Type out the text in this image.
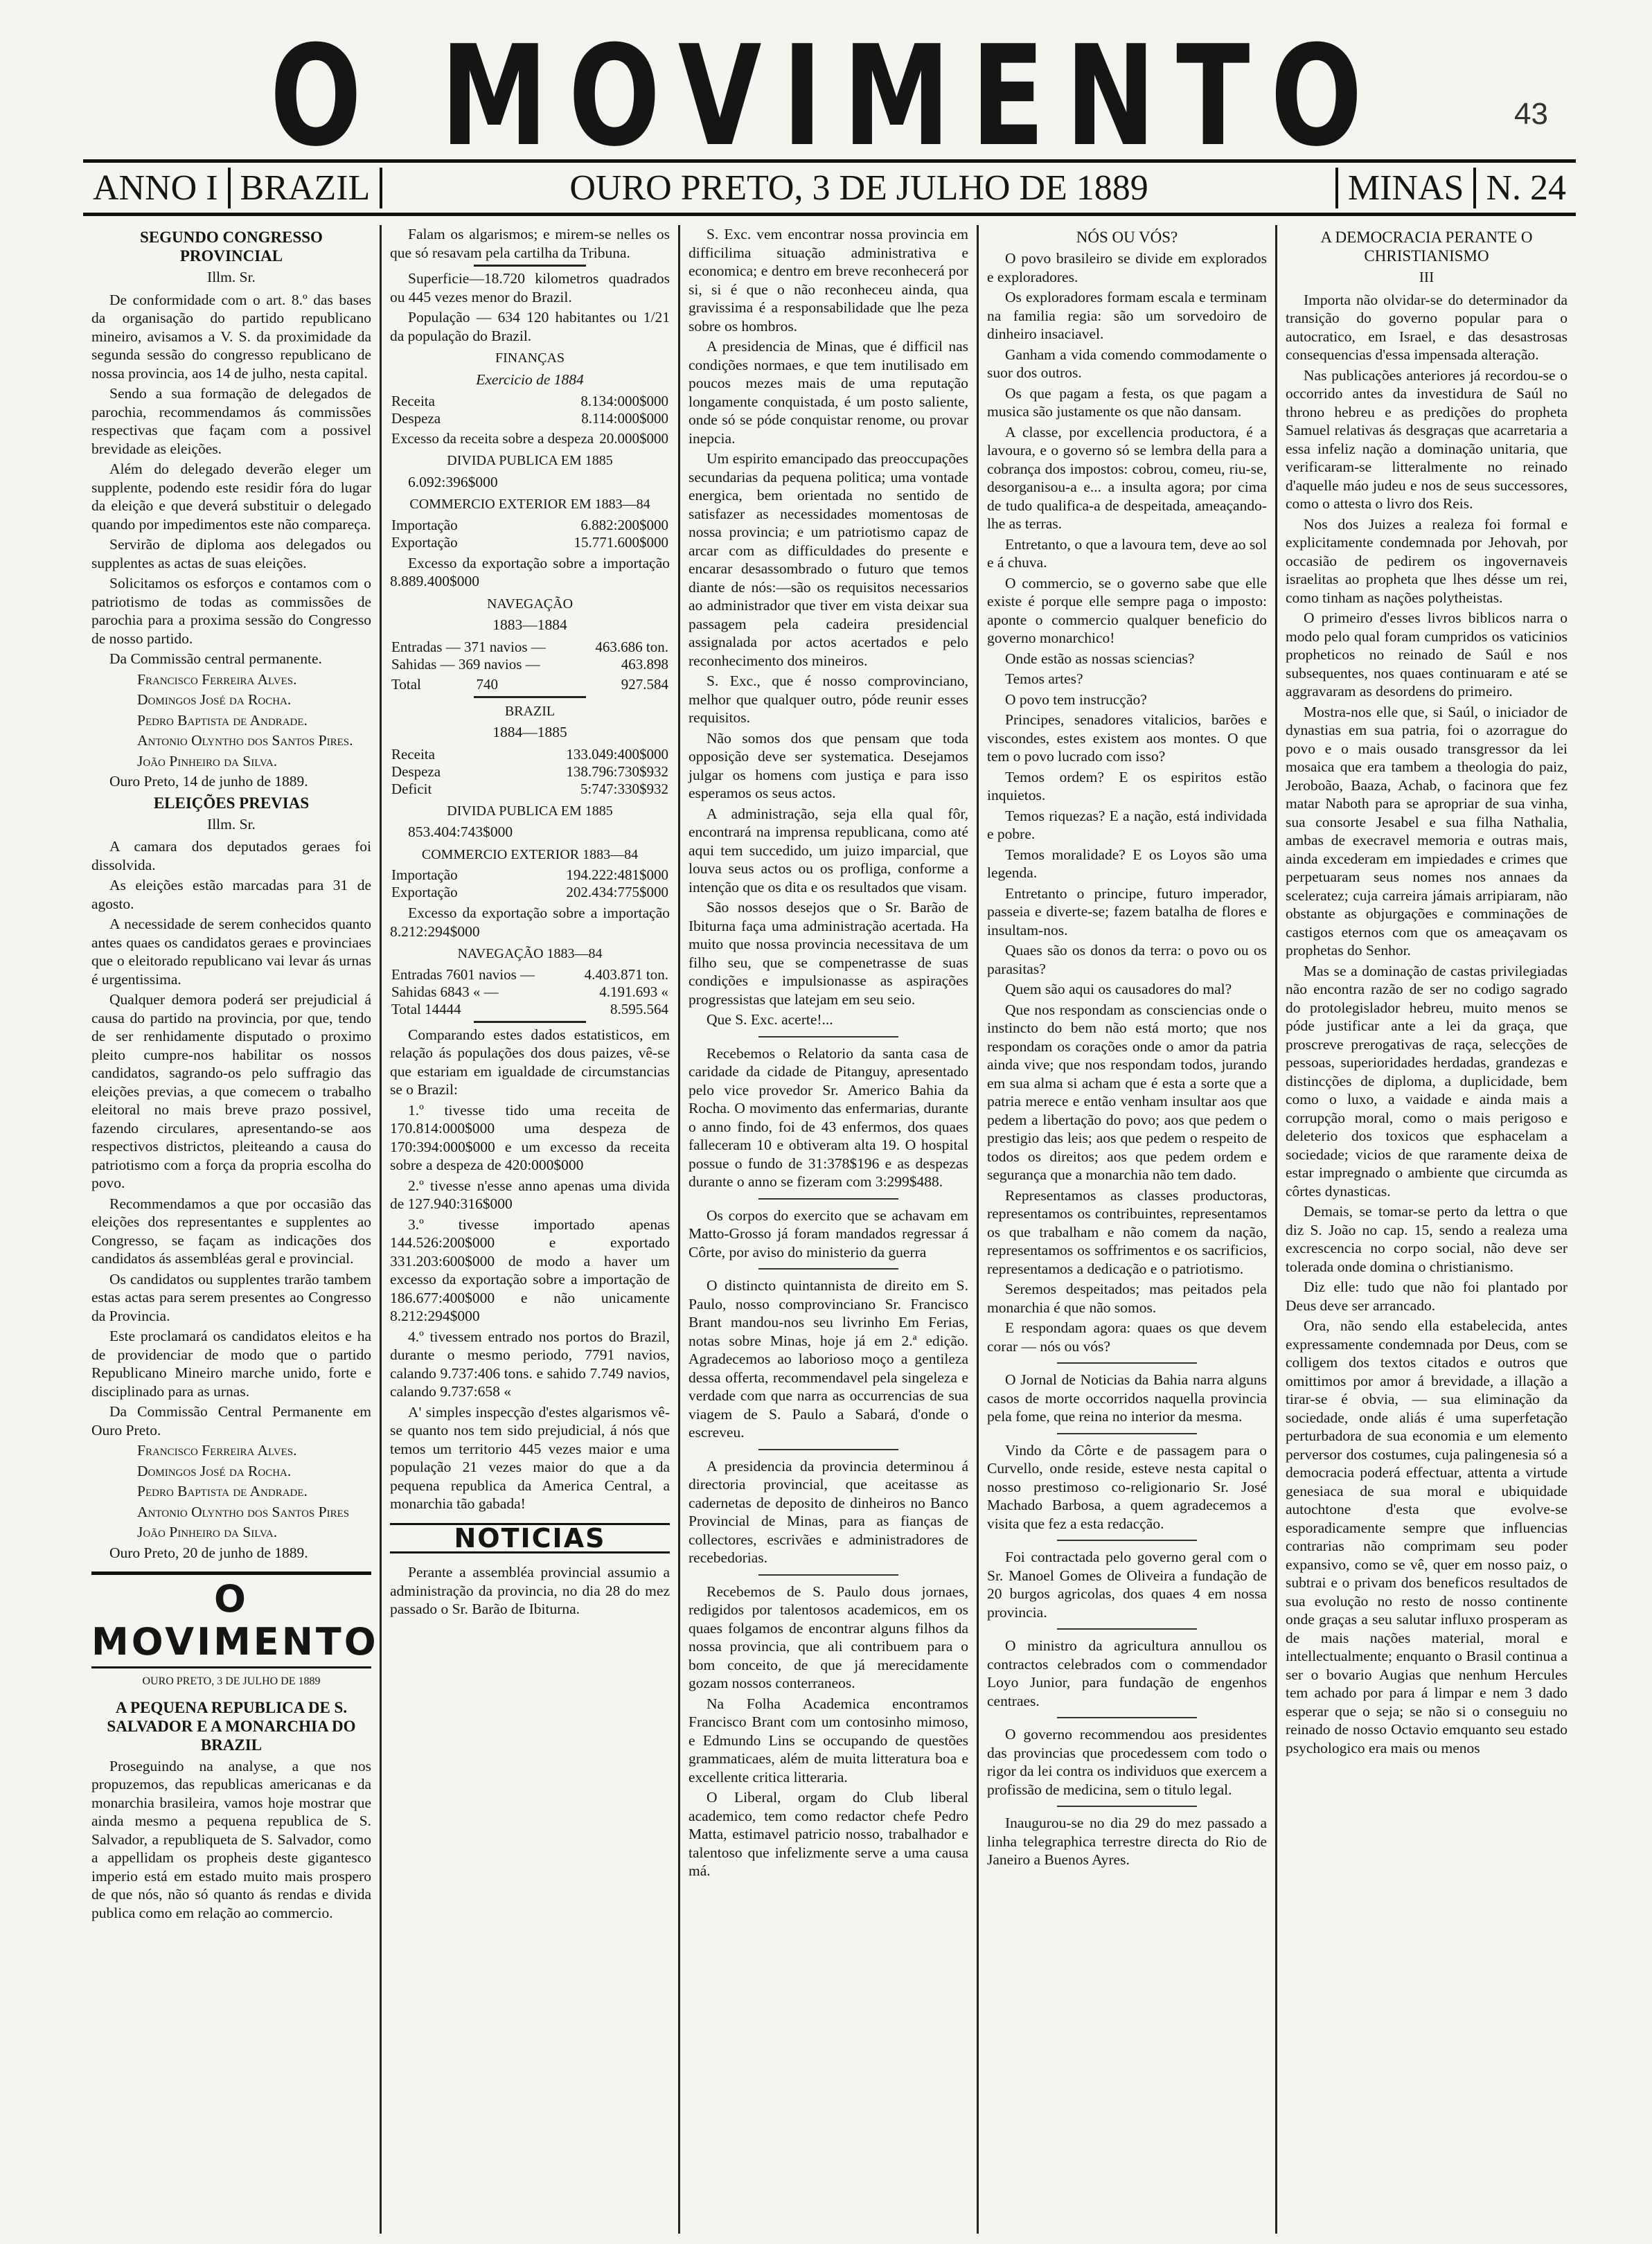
O MOVIMENTO	43
ANNO I BRAZIL	OURO PRETO, 3 DE JULHO DE 1889	MINAS N. 24
SEGUNDO CONGRESSO PROVINCIAL
Illm. Sr.

De conformidade com o art. 8.º das bases da organisação do partido republicano mineiro, avisamos a V. S. da proximidade da segunda sessão do congresso republicano de nossa provincia, aos 14 de julho, nesta capital.

Sendo a sua formação de delegados de parochia, recommendamos ás commissões respectivas que façam com a possivel brevidade as eleições.

Além do delegado deverão eleger um supplente, podendo este residir fóra do lugar da eleição e que deverá substituir o delegado quando por impedimentos este não compareça.

Servirão de diploma aos delegados ou supplentes as actas de suas eleições.

Solicitamos os esforços e contamos com o patriotismo de todas as commissões de parochia para a proxima sessão do Congresso de nosso partido.

Da Commissão central permanente.

Francisco Ferreira Alves.

Domingos José da Rocha.

Pedro Baptista de Andrade.

Antonio Olyntho dos Santos Pires.

João Pinheiro da Silva.

Ouro Preto, 14 de junho de 1889.

ELEIÇÕES PREVIAS
Illm. Sr.

A camara dos deputados geraes foi dissolvida.

As eleições estão marcadas para 31 de agosto.

A necessidade de serem conhecidos quanto antes quaes os candidatos geraes e provinciaes que o eleitorado republicano vai levar ás urnas é urgentissima.

Qualquer demora poderá ser prejudicial á causa do partido na provincia, por que, tendo de ser renhidamente disputado o proximo pleito cumpre-nos habilitar os nossos candidatos, sagrando-os pelo suffragio das eleições previas, a que comecem o trabalho eleitoral no mais breve prazo possivel, fazendo circulares, apresentando-se aos respectivos districtos, pleiteando a causa do patriotismo com a força da propria escolha do povo.

Recommendamos a que por occasião das eleições dos representantes e supplentes ao Congresso, se façam as indicações dos candidatos ás assembléas geral e provincial.

Os candidatos ou supplentes trarão tambem estas actas para serem presentes ao Congresso da Provincia.

Este proclamará os candidatos eleitos e ha de providenciar de modo que o partido Republicano Mineiro marche unido, forte e disciplinado para as urnas.

Da Commissão Central Permanente em Ouro Preto.

Francisco Ferreira Alves.

Domingos José da Rocha.

Pedro Baptista de Andrade.

Antonio Olyntho dos Santos Pires

João Pinheiro da Silva.

Ouro Preto, 20 de junho de 1889.

O MOVIMENTO
OURO PRETO, 3 DE JULHO DE 1889
A PEQUENA REPUBLICA DE S. SALVADOR E A MONARCHIA DO BRAZIL

Proseguindo na analyse, a que nos propuzemos, das republicas americanas e da monarchia brasileira, vamos hoje mostrar que ainda mesmo a pequena republica de S. Salvador, a republiqueta de S. Salvador, como a appellidam os propheis deste gigantesco imperio está em estado muito mais prospero de que nós, não só quanto ás rendas e divida publica como em relação ao commercio.

Falam os algarismos; e mirem-se nelles os que só resavam pela cartilha da Tribuna.

Superficie—18.720 kilometros quadrados ou 445 vezes menor do Brazil.

População — 634 120 habitantes ou 1/21 da população do Brazil.

FINANÇAS
Exercicio de 1884
Receita	8.134:000$000
Despeza	8.114:000$000
Excesso da receita sobre a despeza	20.000$000
DIVIDA PUBLICA EM 1885

6.092:396$000

COMMERCIO EXTERIOR EM 1883—84
Importação	6.882:200$000
Exportação	15.771.600$000

Excesso da exportação sobre a importação 8.889.400$000

NAVEGAÇÃO
1883—1884
Entradas — 371 navios —	463.686 ton.
Sahidas — 369 navios —	463.898
Total	740	927.584
BRAZIL
1884—1885
Receita	133.049:400$000
Despeza	138.796:730$932
Deficit	5:747:330$932
DIVIDA PUBLICA EM 1885

853.404:743$000

COMMERCIO EXTERIOR 1883—84
Importação	194.222:481$000
Exportação	202.434:775$000

Excesso da exportação sobre a importação 8.212:294$000

NAVEGAÇÃO 1883—84
Entradas 7601 navios —	4.403.871 ton.
Sahidas 6843 « —	4.191.693 «
Total 14444	8.595.564

Comparando estes dados estatisticos, em relação ás populações dos dous paizes, vê-se que estariam em igualdade de circumstancias se o Brazil:

1.º tivesse tido uma receita de 170.814:000$000 uma despeza de 170:394:000$000 e um excesso da receita sobre a despeza de 420:000$000

2.º tivesse n'esse anno apenas uma divida de 127.940:316$000

3.º tivesse importado apenas 144.526:200$000 e exportado 331.203:600$000 de modo a haver um excesso da exportação sobre a importação de 186.677:400$000 e não unicamente 8.212:294$000

4.º tivessem entrado nos portos do Brazil, durante o mesmo periodo, 7791 navios, calando 9.737:406 tons. e sahido 7.749 navios, calando 9.737:658 «

A' simples inspecção d'estes algarismos vê-se quanto nos tem sido prejudicial, á nós que temos um territorio 445 vezes maior e uma população 21 vezes maior do que a da pequena republica da America Central, a monarchia tão gabada!

NOTICIAS

Perante a assembléa provincial assumio a administração da provincia, no dia 28 do mez passado o Sr. Barão de Ibiturna.

S. Exc. vem encontrar nossa provincia em difficilima situação administrativa e economica; e dentro em breve reconhecerá por si, si é que o não reconheceu ainda, qua gravissima é a responsabilidade que lhe peza sobre os hombros.

A presidencia de Minas, que é difficil nas condições normaes, e que tem inutilisado em poucos mezes mais de uma reputação longamente conquistada, é um posto saliente, onde só se póde conquistar renome, ou provar inepcia.

Um espirito emancipado das preoccupações secundarias da pequena politica; uma vontade energica, bem orientada no sentido de satisfazer as necessidades momentosas de nossa provincia; e um patriotismo capaz de arcar com as difficuldades do presente e encarar desassombrado o futuro que temos diante de nós:—são os requisitos necessarios ao administrador que tiver em vista deixar sua passagem pela cadeira presidencial assignalada por actos acertados e pelo reconhecimento dos mineiros.

S. Exc., que é nosso comprovinciano, melhor que qualquer outro, póde reunir esses requisitos.

Não somos dos que pensam que toda opposição deve ser systematica. Desejamos julgar os homens com justiça e para isso esperamos os seus actos.

A administração, seja ella qual fôr, encontrará na imprensa republicana, como até aqui tem succedido, um juizo imparcial, que louva seus actos ou os profliga, conforme a intenção que os dita e os resultados que visam.

São nossos desejos que o Sr. Barão de Ibiturna faça uma administração acertada. Ha muito que nossa provincia necessitava de um filho seu, que se compenetrasse de suas condições e impulsionasse as aspirações progressistas que latejam em seu seio.

Que S. Exc. acerte!...

Recebemos o Relatorio da santa casa de caridade da cidade de Pitanguy, apresentado pelo vice provedor Sr. Americo Bahia da Rocha. O movimento das enfermarias, durante o anno findo, foi de 43 enfermos, dos quaes falleceram 10 e obtiveram alta 19. O hospital possue o fundo de 31:378$196 e as despezas durante o anno se fizeram com 3:299$488.

Os corpos do exercito que se achavam em Matto-Grosso já foram mandados regressar á Côrte, por aviso do ministerio da guerra

O distincto quintannista de direito em S. Paulo, nosso comprovinciano Sr. Francisco Brant mandou-nos seu livrinho Em Ferias, notas sobre Minas, hoje já em 2.ª edição. Agradecemos ao laborioso moço a gentileza dessa offerta, recommendavel pela singeleza e verdade com que narra as occurrencias de sua viagem de S. Paulo a Sabará, d'onde o escreveu.

A presidencia da provincia determinou á directoria provincial, que aceitasse as cadernetas de deposito de dinheiros no Banco Provincial de Minas, para as fianças de collectores, escrivães e administradores de recebedorias.

Recebemos de S. Paulo dous jornaes, redigidos por talentosos academicos, em os quaes folgamos de encontrar alguns filhos da nossa provincia, que ali contribuem para o bom conceito, de que já merecidamente gozam nossos conterraneos.

Na Folha Academica encontramos Francisco Brant com um contosinho mimoso, e Edmundo Lins se occupando de questões grammaticaes, além de muita litteratura boa e excellente critica litteraria.

O Liberal, orgam do Club liberal academico, tem como redactor chefe Pedro Matta, estimavel patricio nosso, trabalhador e talentoso que infelizmente serve a uma causa má.

NÓS OU VÓS?

O povo brasileiro se divide em explorados e exploradores.

Os exploradores formam escala e terminam na familia regia: são um sorvedoiro de dinheiro insaciavel.

Ganham a vida comendo commodamente o suor dos outros.

Os que pagam a festa, os que pagam a musica são justamente os que não dansam.

A classe, por excellencia productora, é a lavoura, e o governo só se lembra della para a cobrança dos impostos: cobrou, comeu, riu-se, desorganisou-a e... a insulta agora; por cima de tudo qualifica-a de despeitada, ameaçando-lhe as terras.

Entretanto, o que a lavoura tem, deve ao sol e á chuva.

O commercio, se o governo sabe que elle existe é porque elle sempre paga o imposto: aponte o commercio qualquer beneficio do governo monarchico!

Onde estão as nossas sciencias?

Temos artes?

O povo tem instrucção?

Principes, senadores vitalicios, barões e viscondes, estes existem aos montes. O que tem o povo lucrado com isso?

Temos ordem? E os espiritos estão inquietos.

Temos riquezas? E a nação, está individada e pobre.

Temos moralidade? E os Loyos são uma legenda.

Entretanto o principe, futuro imperador, passeia e diverte-se; fazem batalha de flores e insultam-nos.

Quaes são os donos da terra: o povo ou os parasitas?

Quem são aqui os causadores do mal?

Que nos respondam as consciencias onde o instincto do bem não está morto; que nos respondam os corações onde o amor da patria ainda vive; que nos respondam todos, jurando em sua alma si acham que é esta a sorte que a patria merece e então venham insultar aos que pedem a libertação do povo; aos que pedem o prestigio das leis; aos que pedem o respeito de todos os direitos; aos que pedem ordem e segurança que a monarchia não tem dado.

Representamos as classes productoras, representamos os contribuintes, representamos os que trabalham e não comem da nação, representamos os soffrimentos e os sacrificios, representamos a dedicação e o patriotismo.

Seremos despeitados; mas peitados pela monarchia é que não somos.

E respondam agora: quaes os que devem corar — nós ou vós?

O Jornal de Noticias da Bahia narra alguns casos de morte occorridos naquella provincia pela fome, que reina no interior da mesma.

Vindo da Côrte e de passagem para o Curvello, onde reside, esteve nesta capital o nosso prestimoso co-religionario Sr. José Machado Barbosa, a quem agradecemos a visita que fez a esta redacção.

Foi contractada pelo governo geral com o Sr. Manoel Gomes de Oliveira a fundação de 20 burgos agricolas, dos quaes 4 em nossa provincia.

O ministro da agricultura annullou os contractos celebrados com o commendador Loyo Junior, para fundação de engenhos centraes.

O governo recommendou aos presidentes das provincias que procedessem com todo o rigor da lei contra os individuos que exercem a profissão de medicina, sem o titulo legal.

Inaugurou-se no dia 29 do mez passado a linha telegraphica terrestre directa do Rio de Janeiro a Buenos Ayres.

A DEMOCRACIA PERANTE O CHRISTIANISMO
III

Importa não olvidar-se do determinador da transição do governo popular para o autocratico, em Israel, e das desastrosas consequencias d'essa impensada alteração.

Nas publicações anteriores já recordou-se o occorrido antes da investidura de Saúl no throno hebreu e as predições do propheta Samuel relativas ás desgraças que acarretaria a essa infeliz nação a dominação unitaria, que verificaram-se litteralmente no reinado d'aquelle máo judeu e nos de seus successores, como o attesta o livro dos Reis.

Nos dos Juizes a realeza foi formal e explicitamente condemnada por Jehovah, por occasião de pedirem os ingovernaveis israelitas ao propheta que lhes désse um rei, como tinham as nações polytheistas.

O primeiro d'esses livros biblicos narra o modo pelo qual foram cumpridos os vaticinios propheticos no reinado de Saúl e nos subsequentes, nos quaes continuaram e até se aggravaram as desordens do primeiro.

Mostra-nos elle que, si Saúl, o iniciador de dynastias em sua patria, foi o azorrague do povo e o mais ousado transgressor da lei mosaica que era tambem a theologia do paiz, Jeroboão, Baaza, Achab, o facinora que fez matar Naboth para se apropriar de sua vinha, sua consorte Jesabel e sua filha Nathalia, ambas de execravel memoria e outras mais, ainda excederam em impiedades e crimes que perpetuaram seus nomes nos annaes da sceleratez; cuja carreira jámais arripiaram, não obstante as objurgações e comminações de castigos eternos com que os ameaçavam os prophetas do Senhor.

Mas se a dominação de castas privilegiadas não encontra razão de ser no codigo sagrado do protolegislador hebreu, muito menos se póde justificar ante a lei da graça, que proscreve prerogativas de raça, selecções de pessoas, superioridades herdadas, grandezas e distincções de diploma, a duplicidade, bem como o luxo, a vaidade e ainda mais a corrupção moral, como o mais perigoso e deleterio dos toxicos que esphacelam a sociedade; vicios de que raramente deixa de estar impregnado o ambiente que circumda as côrtes dynasticas.

Demais, se tomar-se perto da lettra o que diz S. João no cap. 15, sendo a realeza uma excrescencia no corpo social, não deve ser tolerada onde domina o christianismo.

Diz elle: tudo que não foi plantado por Deus deve ser arrancado.

Ora, não sendo ella estabelecida, antes expressamente condemnada por Deus, com se colligem dos textos citados e outros que omittimos por amor á brevidade, a illação a tirar-se é obvia, — sua eliminação da sociedade, onde aliás é uma superfetação perturbadora de sua economia e um elemento perversor dos costumes, cuja palingenesia só a democracia poderá effectuar, attenta a virtude genesiaca de sua moral e ubiquidade autochtone d'esta que evolve-se esporadicamente sempre que influencias contrarias não comprimam seu poder expansivo, como se vê, quer em nosso paiz, o subtrai e o privam dos beneficos resultados de sua evolução no resto de nosso continente onde graças a seu salutar influxo prosperam as de mais nações material, moral e intellectualmente; enquanto o Brasil continua a ser o bovario Augias que nenhum Hercules tem achado por para á limpar e nem 3 dado esperar que o seja; se não si o conseguiu no reinado de nosso Octavio emquanto seu estado psychologico era mais ou menos
